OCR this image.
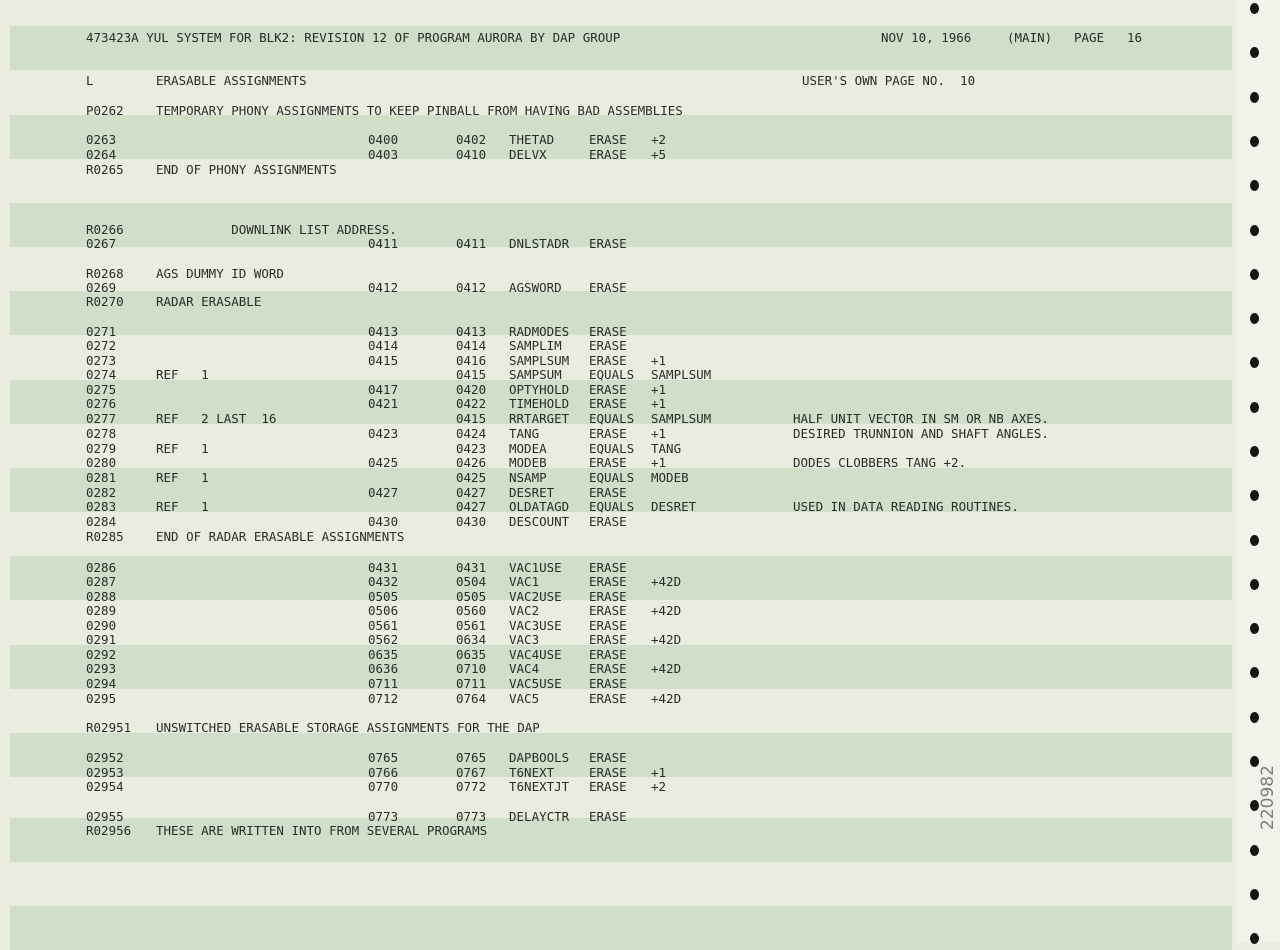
473423A YUL SYSTEM FOR BLK2: REVISION 12 OF PROGRAM AURORA BY DAP GROUP	NOV 10, 1966	(MAIN) PAGE 16
L	ERASABLE ASSIGNMENTS	USER'S OWN PAGE NO.  10
P0262	TEMPORARY PHONY ASSIGNMENTS TO KEEP PINBALL FROM HAVING BAD ASSEMBLIES
0263	0400	0402 THETAD	ERASE +2
0264	0403	0410 DELVX	ERASE +5
R0265	END OF PHONY ASSIGNMENTS
R0266	DOWNLINK LIST ADDRESS.
0267	0411	0411 DNLSTADR ERASE
R0268	AGS DUMMY ID WORD
0269	0412	0412 AGSWORD ERASE
R0270	RADAR ERASABLE
0271	0413	0413 RADMODES ERASE
0272	0414	0414 SAMPLIM ERASE
0273	0415	0416 SAMPLSUM ERASE +1
0274	REF   1	0415 SAMPSUM EQUALS SAMPLSUM
0275	0417	0420 OPTYHOLD ERASE +1
0276	0421	0422 TIMEHOLD ERASE +1
0277	REF   2 LAST  16	0415 RRTARGET EQUALS SAMPLSUM	HALF UNIT VECTOR IN SM OR NB AXES.
0278	0423	0424 TANG	ERASE +1	DESIRED TRUNNION AND SHAFT ANGLES.
0279	REF   1	0423 MODEA	EQUALS TANG
0280	0425	0426 MODEB	ERASE +1	DODES CLOBBERS TANG +2.
0281	REF   1	0425 NSAMP	EQUALS MODEB
0282	0427	0427 DESRET	ERASE
0283	REF   1	0427 OLDATAGD EQUALS DESRET	USED IN DATA READING ROUTINES.
0284	0430	0430 DESCOUNT ERASE
R0285	END OF RADAR ERASABLE ASSIGNMENTS
0286	0431	0431 VAC1USE ERASE
0287	0432	0504 VAC1	ERASE +42D
0288	0505	0505 VAC2USE ERASE
0289	0506	0560 VAC2	ERASE +42D
0290	0561	0561 VAC3USE ERASE
0291	0562	0634 VAC3	ERASE +42D
0292	0635	0635 VAC4USE ERASE
0293	0636	0710 VAC4	ERASE +42D
0294	0711	0711 VAC5USE ERASE
0295	0712	0764 VAC5	ERASE +42D
R02951 UNSWITCHED ERASABLE STORAGE ASSIGNMENTS FOR THE DAP
02952	0765	0765 DAPBOOLS ERASE
02953	0766	0767 T6NEXT	ERASE +1
02954	0770	0772 T6NEXTJT ERASE +2
02955	0773	0773 DELAYCTR ERASE
R02956 THESE ARE WRITTEN INTO FROM SEVERAL PROGRAMS
220982
